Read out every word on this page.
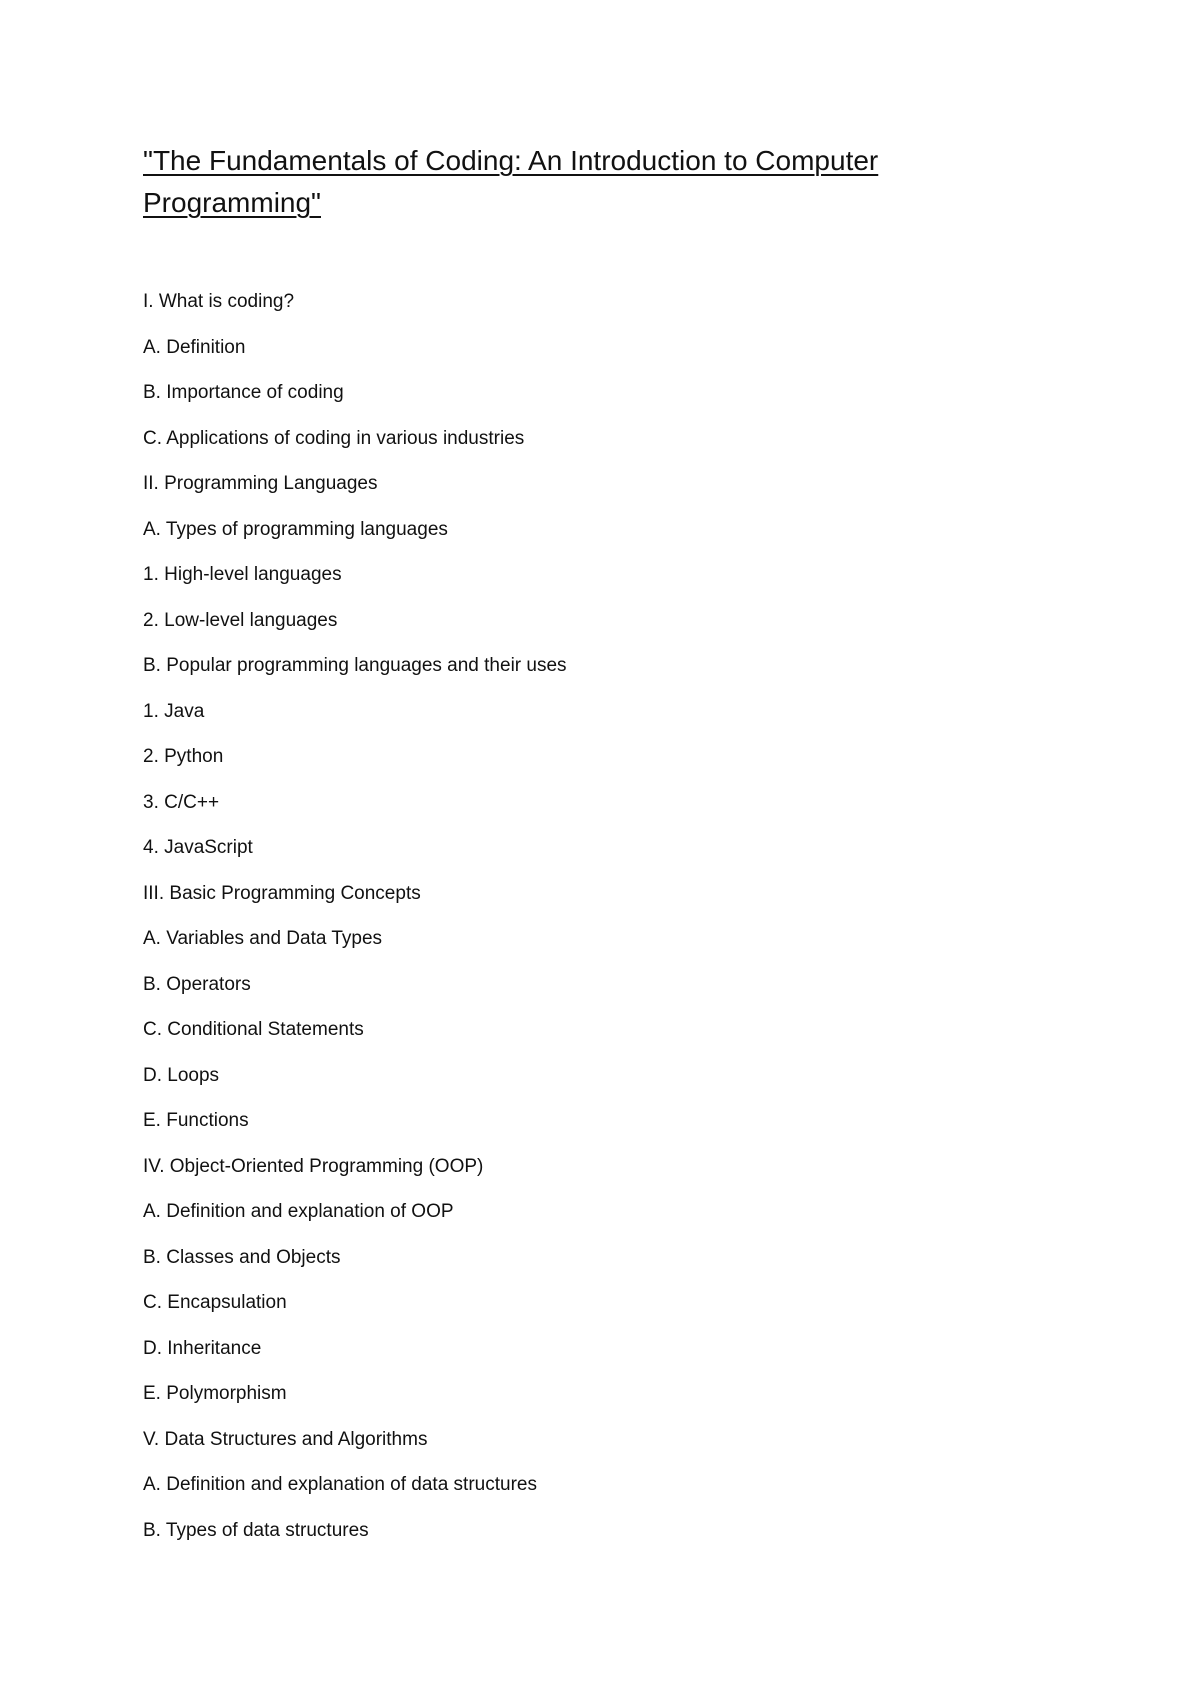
"The Fundamentals of Coding: An Introduction to Computer Programming"
I. What is coding?
A. Definition
B. Importance of coding
C. Applications of coding in various industries
II. Programming Languages
A. Types of programming languages
1. High-level languages
2. Low-level languages
B. Popular programming languages and their uses
1. Java
2. Python
3. C/C++
4. JavaScript
III. Basic Programming Concepts
A. Variables and Data Types
B. Operators
C. Conditional Statements
D. Loops
E. Functions
IV. Object-Oriented Programming (OOP)
A. Definition and explanation of OOP
B. Classes and Objects
C. Encapsulation
D. Inheritance
E. Polymorphism
V. Data Structures and Algorithms
A. Definition and explanation of data structures
B. Types of data structures
